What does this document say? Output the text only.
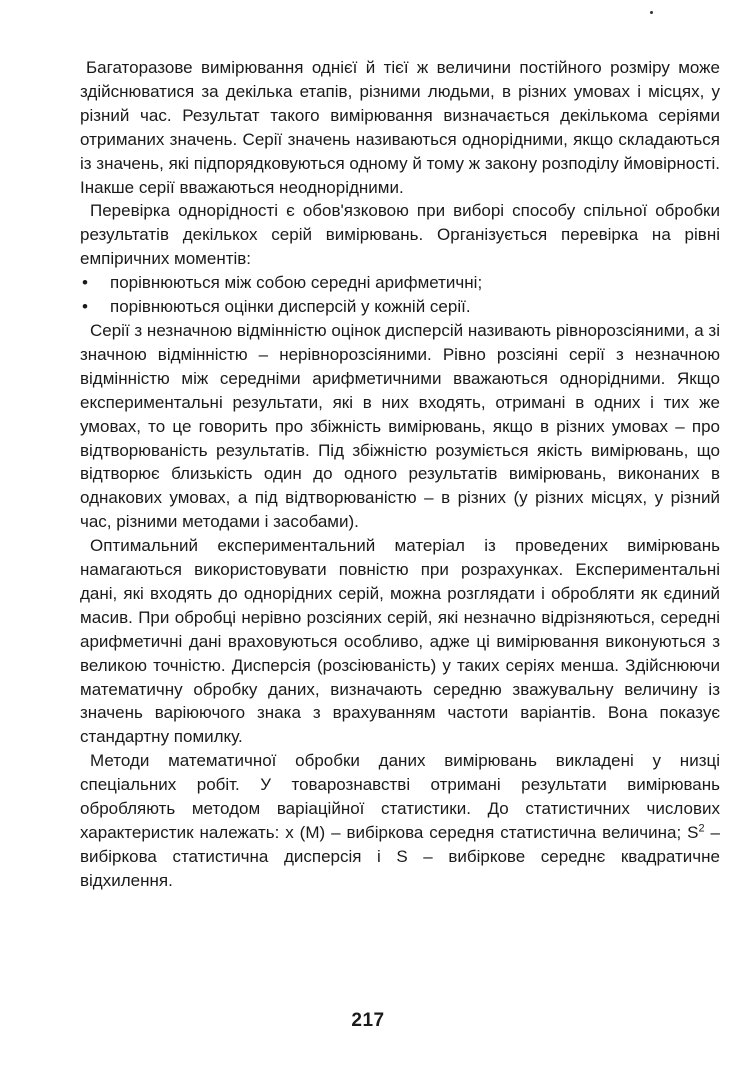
Багаторазове вимірювання однієї й тієї ж величини постійного розміру може здійснюватися за декілька етапів, різними людьми, в різних умовах і місцях, у різний час. Результат такого вимірювання визначається декількома серіями отриманих значень. Серії значень називаються однорідними, якщо складаються із значень, які підпорядковуються одному й тому ж закону розподілу ймовірності. Інакше серії вважаються неоднорідними.

Перевірка однорідності є обов'язковою при виборі способу спільної обробки результатів декількох серій вимірювань. Організується перевірка на рівні емпіричних моментів:

• порівнюються між собою середні арифметичні;
• порівнюються оцінки дисперсій у кожній серії.

Серії з незначною відмінністю оцінок дисперсій називають рівнорозсіяними, а зі значною відмінністю – нерівнорозсіяними. Рівно розсіяні серії з незначною відмінністю між середніми арифметичними вважаються однорідними. Якщо експериментальні результати, які в них входять, отримані в одних і тих же умовах, то це говорить про збіжність вимірювань, якщо в різних умовах – про відтворюваність результатів. Під збіжністю розуміється якість вимірювань, що відтворює близькість один до одного результатів вимірювань, виконаних в однакових умовах, а під відтворюваністю – в різних (у різних місцях, у різний час, різними методами і засобами).

Оптимальний експериментальний матеріал із проведених вимірювань намагаються використовувати повністю при розрахунках. Експериментальні дані, які входять до однорідних серій, можна розглядати і обробляти як єдиний масив. При обробці нерівно розсіяних серій, які незначно відрізняються, середні арифметичні дані враховуються особливо, адже ці вимірювання виконуються з великою точністю. Дисперсія (розсіюваність) у таких серіях менша. Здійснюючи математичну обробку даних, визначають середню зважувальну величину із значень варіюючого знака з врахуванням частоти варіантів. Вона показує стандартну помилку.

Методи математичної обробки даних вимірювань викладені у низці спеціальних робіт. У товарознавстві отримані результати вимірювань обробляють методом варіаційної статистики. До статистичних числових характеристик належать: x (M) – вибіркова середня статистична величина; $S^2$ – вибіркова статистична дисперсія і S – вибіркове середнє квадратичне відхилення.

217
